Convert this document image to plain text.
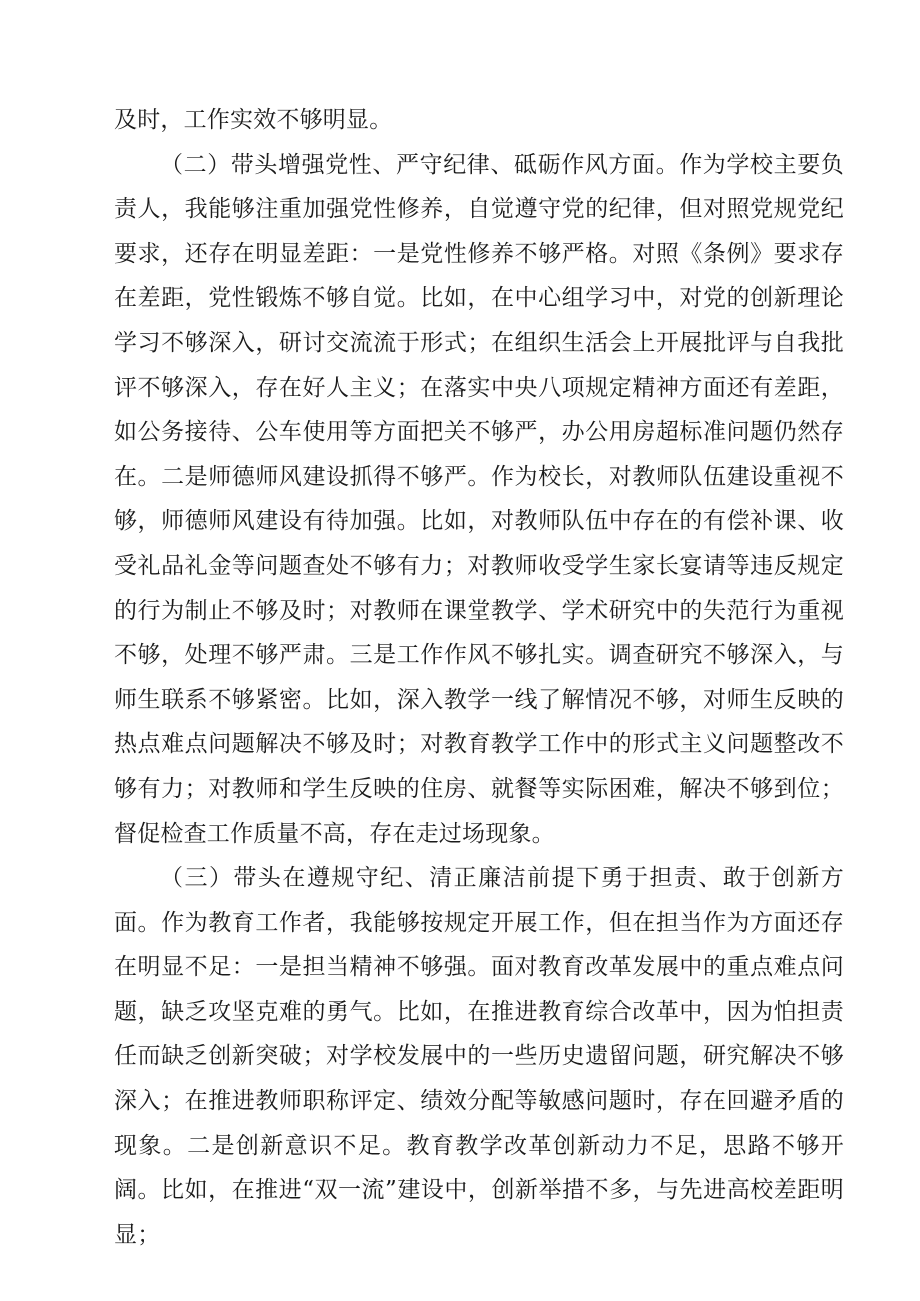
及时，工作实效不够明显。

（二）带头增强党性、严守纪律、砥砺作风方面。作为学校主要负责人，我能够注重加强党性修养，自觉遵守党的纪律，但对照党规党纪要求，还存在明显差距：一是党性修养不够严格。对照《条例》要求存在差距，党性锻炼不够自觉。比如，在中心组学习中，对党的创新理论学习不够深入，研讨交流流于形式；在组织生活会上开展批评与自我批评不够深入，存在好人主义；在落实中央八项规定精神方面还有差距，如公务接待、公车使用等方面把关不够严，办公用房超标准问题仍然存在。二是师德师风建设抓得不够严。作为校长，对教师队伍建设重视不够，师德师风建设有待加强。比如，对教师队伍中存在的有偿补课、收受礼品礼金等问题查处不够有力；对教师收受学生家长宴请等违反规定的行为制止不够及时；对教师在课堂教学、学术研究中的失范行为重视不够，处理不够严肃。三是工作作风不够扎实。调查研究不够深入，与师生联系不够紧密。比如，深入教学一线了解情况不够，对师生反映的热点难点问题解决不够及时；对教育教学工作中的形式主义问题整改不够有力；对教师和学生反映的住房、就餐等实际困难，解决不够到位；督促检查工作质量不高，存在走过场现象。

（三）带头在遵规守纪、清正廉洁前提下勇于担责、敢于创新方面。作为教育工作者，我能够按规定开展工作，但在担当作为方面还存在明显不足：一是担当精神不够强。面对教育改革发展中的重点难点问题，缺乏攻坚克难的勇气。比如，在推进教育综合改革中，因为怕担责任而缺乏创新突破；对学校发展中的一些历史遗留问题，研究解决不够深入；在推进教师职称评定、绩效分配等敏感问题时，存在回避矛盾的现象。二是创新意识不足。教育教学改革创新动力不足，思路不够开阔。比如，在推进“双一流”建设中，创新举措不多，与先进高校差距明显；
